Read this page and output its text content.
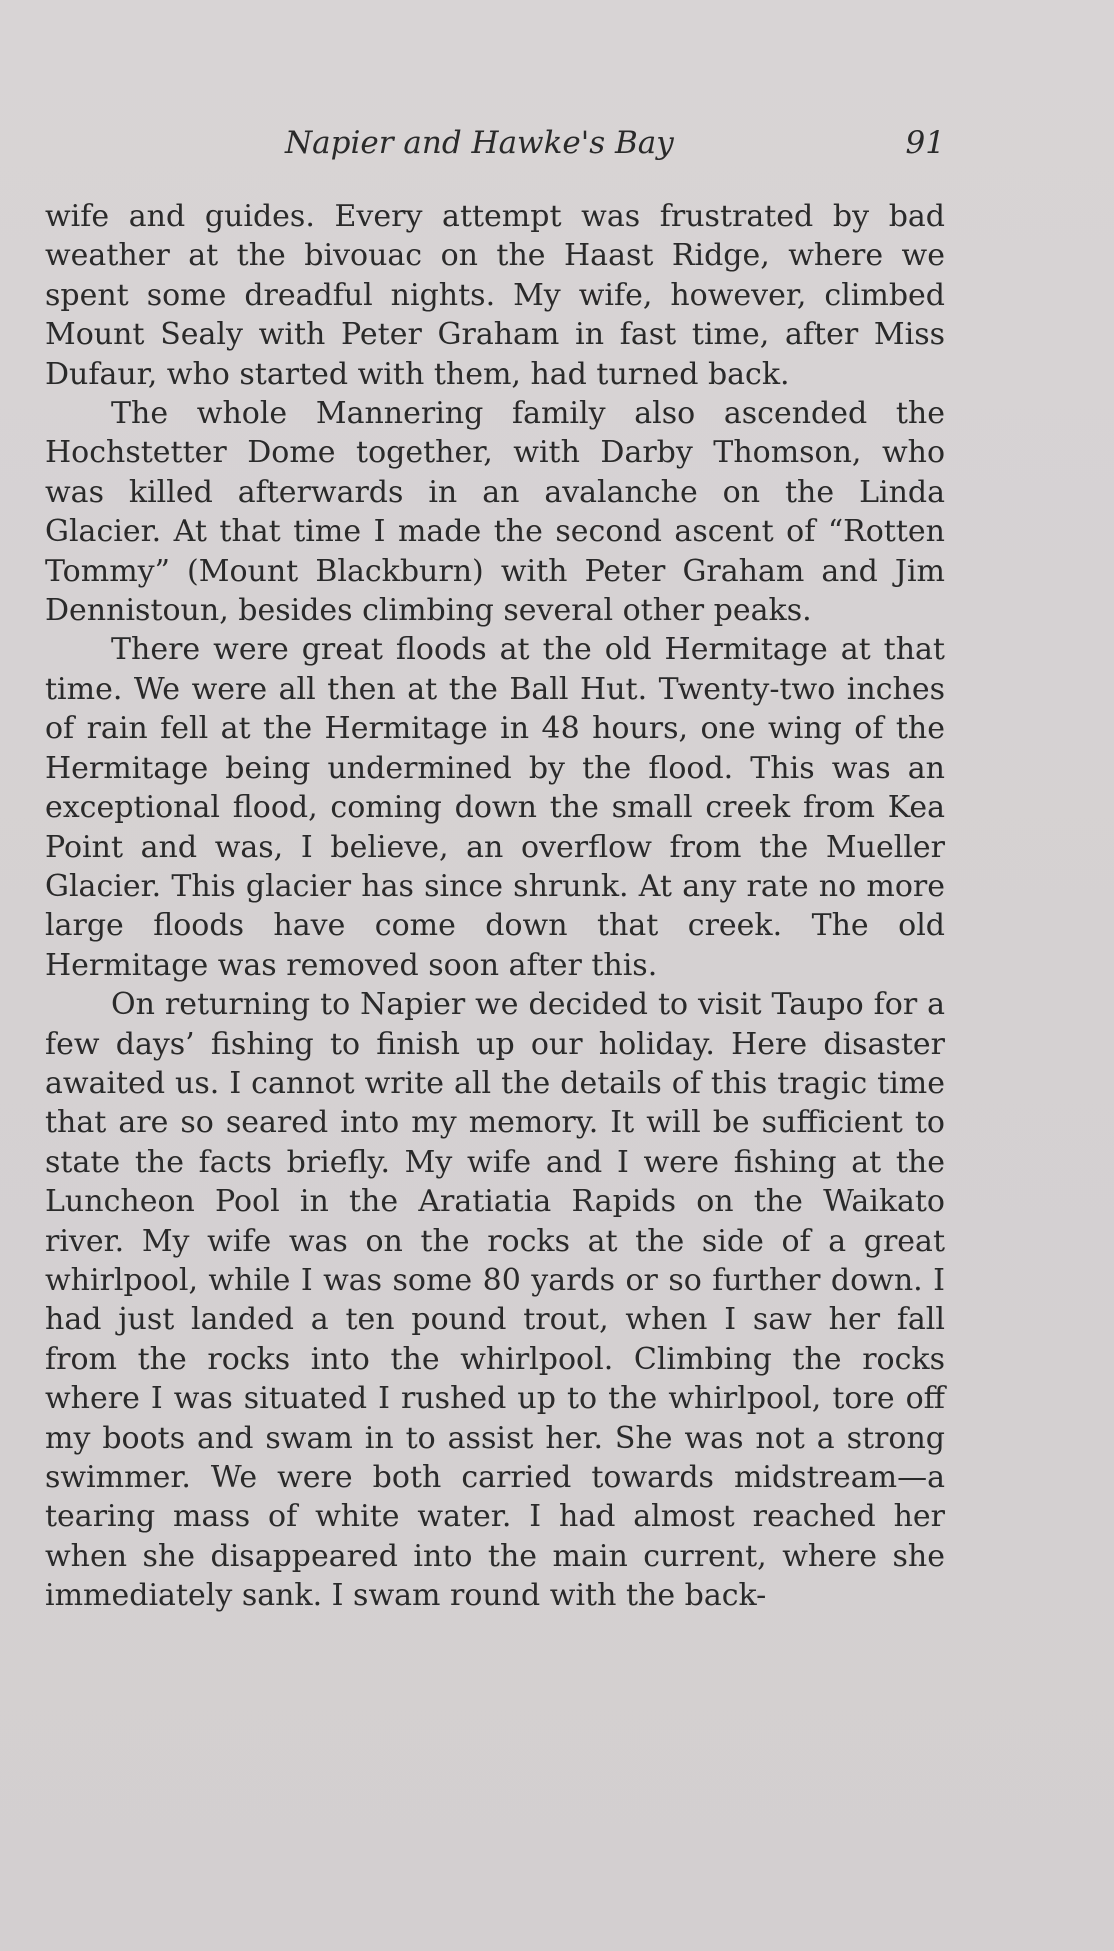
Napier and Hawke's Bay	91

wife and guides. Every attempt was frustrated by bad weather at the bivouac on the Haast Ridge, where we spent some dreadful nights. My wife, however, climbed Mount Sealy with Peter Graham in fast time, after Miss Dufaur, who started with them, had turned back.

The whole Mannering family also ascended the Hochstetter Dome together, with Darby Thomson, who was killed afterwards in an avalanche on the Linda Glacier. At that time I made the second ascent of “Rotten Tommy” (Mount Blackburn) with Peter Graham and Jim Dennistoun, besides climbing several other peaks.

There were great floods at the old Hermitage at that time. We were all then at the Ball Hut. Twenty-two inches of rain fell at the Hermitage in 48 hours, one wing of the Hermitage being undermined by the flood. This was an exceptional flood, coming down the small creek from Kea Point and was, I believe, an overflow from the Mueller Glacier. This glacier has since shrunk. At any rate no more large floods have come down that creek. The old Hermitage was removed soon after this.

On returning to Napier we decided to visit Taupo for a few days’ fishing to finish up our holiday. Here disaster awaited us. I cannot write all the details of this tragic time that are so seared into my memory. It will be sufficient to state the facts briefly. My wife and I were fishing at the Luncheon Pool in the Aratiatia Rapids on the Waikato river. My wife was on the rocks at the side of a great whirlpool, while I was some 80 yards or so further down. I had just landed a ten pound trout, when I saw her fall from the rocks into the whirlpool. Climbing the rocks where I was situated I rushed up to the whirlpool, tore off my boots and swam in to assist her. She was not a strong swimmer. We were both carried towards midstream—a tearing mass of white water. I had almost reached her when she disappeared into the main current, where she immediately sank. I swam round with the back-
